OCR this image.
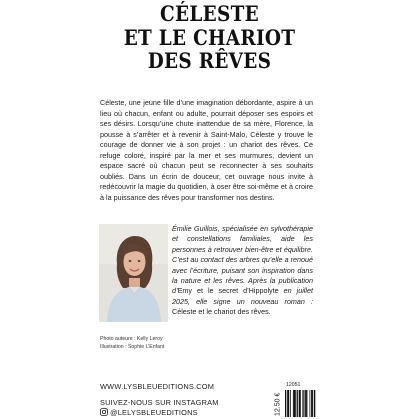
CÉLESTE
ET LE CHARIOT
DES RÊVES

Céleste, une jeune fille d’une imagination débordante, aspire à un lieu où chacun, enfant ou adulte, pourrait déposer ses espoirs et ses désirs. Lorsqu’une chute inattendue de sa mère, Florence, la pousse à s’arrêter et à revenir à Saint-Malo, Céleste y trouve le courage de donner vie à son projet : un chariot des rêves. Ce refuge coloré, inspiré par la mer et ses murmures, devient un espace sacré où chacun peut se reconnecter à ses souhaits oubliés. Dans un écrin de douceur, cet ouvrage nous invite à redécouvrir la magie du quotidien, à oser être soi-même et à croire à la puissance des rêves pour transformer nos destins.

Émilie Guillois, spécialisée en sylvothérapie et constellations familiales, aide les personnes à retrouver bien-être et équilibre. C’est au contact des arbres qu’elle a renoué avec l’écriture, puisant son inspiration dans la nature et les rêves. Après la publication d’Emy et le secret d’Hippolyte en juillet 2025, elle signe un nouveau roman : Céleste et le chariot des rêves.

Photo auteure : Kelly Leroy
Illustration : Sophie L’Enfant
WWW.LYSBLEUEDITIONS.COM
SUIVEZ-NOUS SUR INSTAGRAM
@LELYSBLEUEDITIONS
12051
12.50 €
